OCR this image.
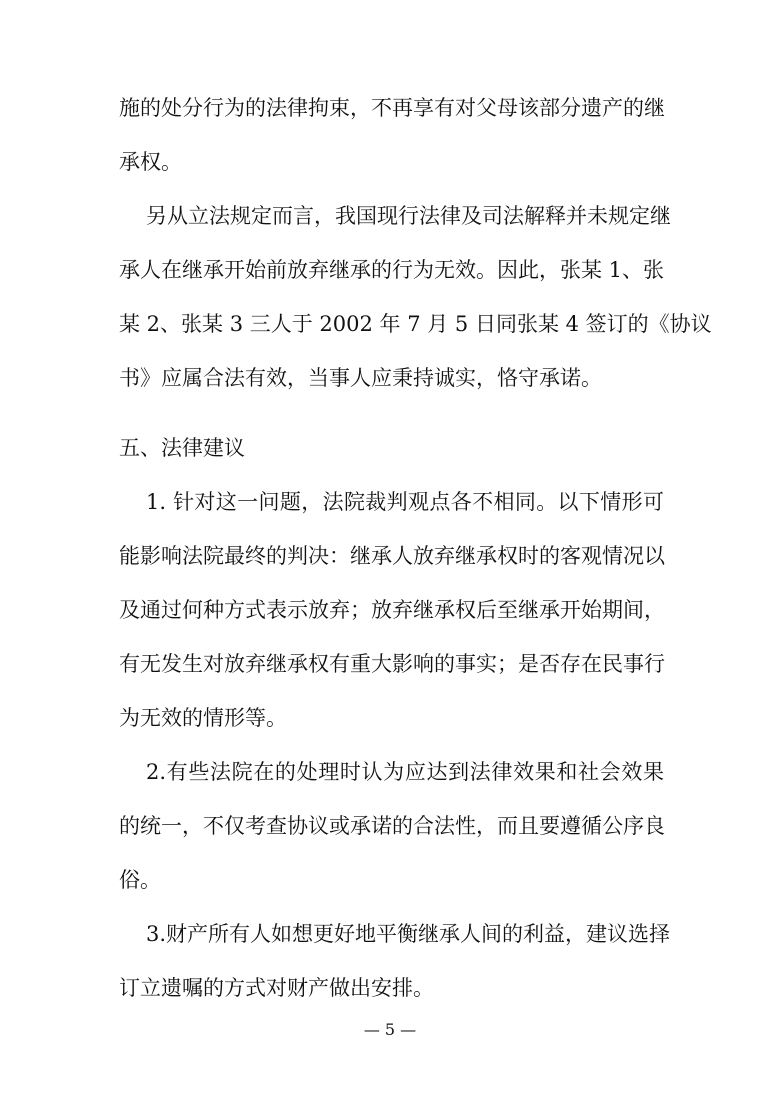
施的处分行为的法律拘束，不再享有对父母该部分遗产的继
承权。
另从立法规定而言，我国现行法律及司法解释并未规定继
承人在继承开始前放弃继承的行为无效。因此，张某 1、张
某 2、张某 3 三人于 2002 年 7 月 5 日同张某 4 签订的《协议
书》应属合法有效，当事人应秉持诚实，恪守承诺。
五、法律建议
1. 针对这一问题，法院裁判观点各不相同。以下情形可
能影响法院最终的判决：继承人放弃继承权时的客观情况以
及通过何种方式表示放弃；放弃继承权后至继承开始期间，
有无发生对放弃继承权有重大影响的事实；是否存在民事行
为无效的情形等。
2.有些法院在的处理时认为应达到法律效果和社会效果
的统一，不仅考查协议或承诺的合法性，而且要遵循公序良
俗。
3.财产所有人如想更好地平衡继承人间的利益，建议选择
订立遗嘱的方式对财产做出安排。
— 5 —
